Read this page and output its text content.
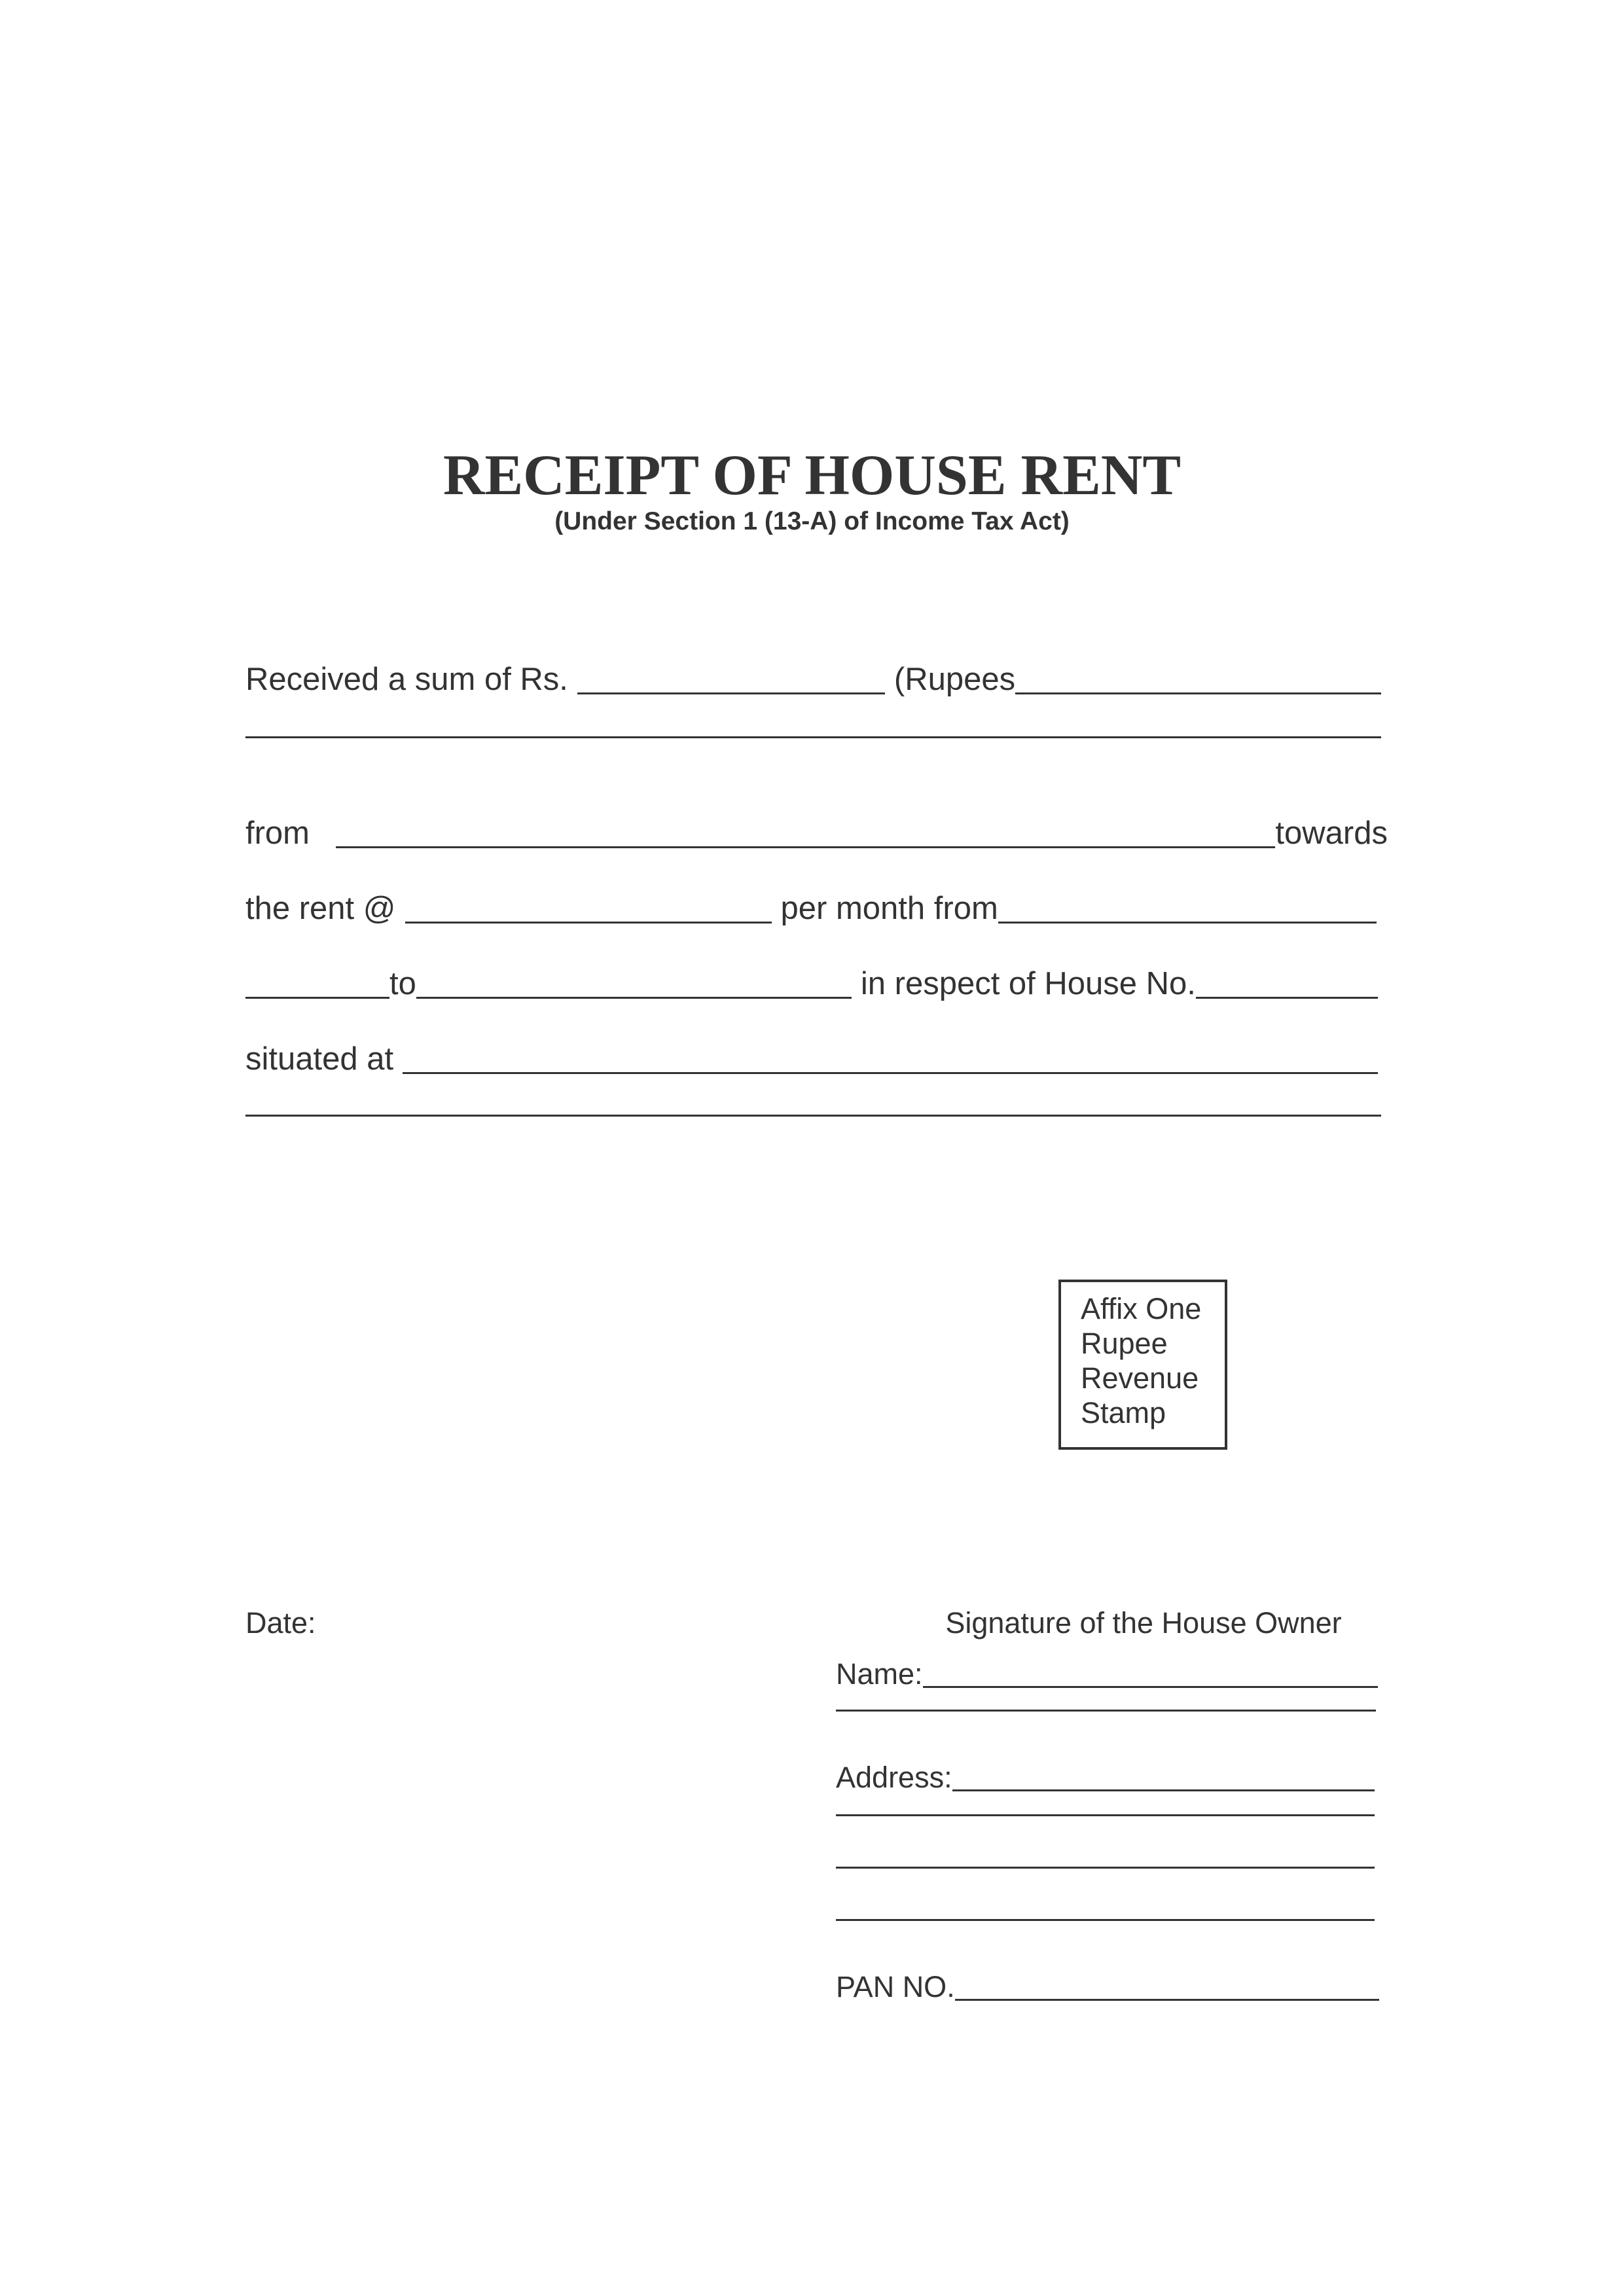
RECEIPT OF HOUSE RENT
(Under Section 1 (13-A) of Income Tax Act)
Received a sum of Rs.	(Rupees
from	towards
the rent @	per month from
to	in respect of House No.
situated at
Affix One
Rupee
Revenue
Stamp
Date:	Signature of the House Owner
Name:
Address:
PAN NO.
